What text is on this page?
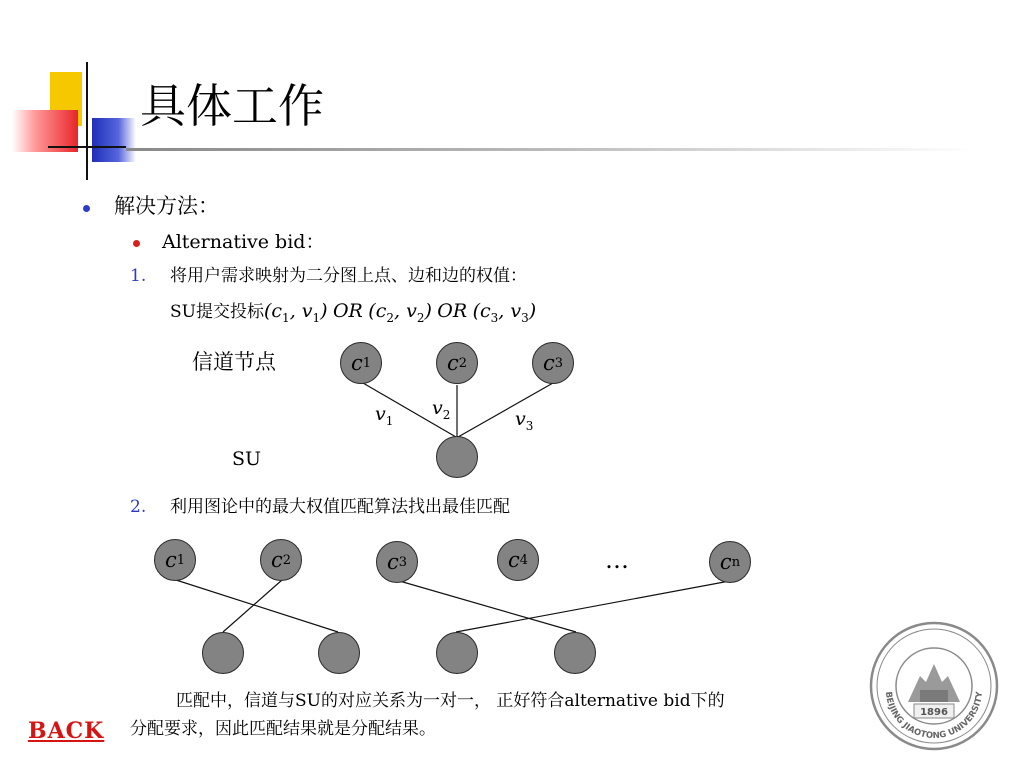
具体工作
解决方法：
Alternative bid：
1. 将用户需求映射为二分图上点、边和边的权值：
SU提交投标($c_1$, $v_1$) OR ($c_2$, $v_2$) OR ($c_3$, $v_3$)
信道节点
SU
c 1	c 2	c 3
$v_1$
$v_2$	$v_3$
2. 利用图论中的最大权值匹配算法找出最佳匹配
c 1	c 2	c 3	c 4	…	c n
匹配中，信道与SU的对应关系为一对一， 正好符合alternative bid下的
分配要求，因此匹配结果就是分配结果。
BACK
1896
BEIJING JIAOTONG UNIVERSITY
